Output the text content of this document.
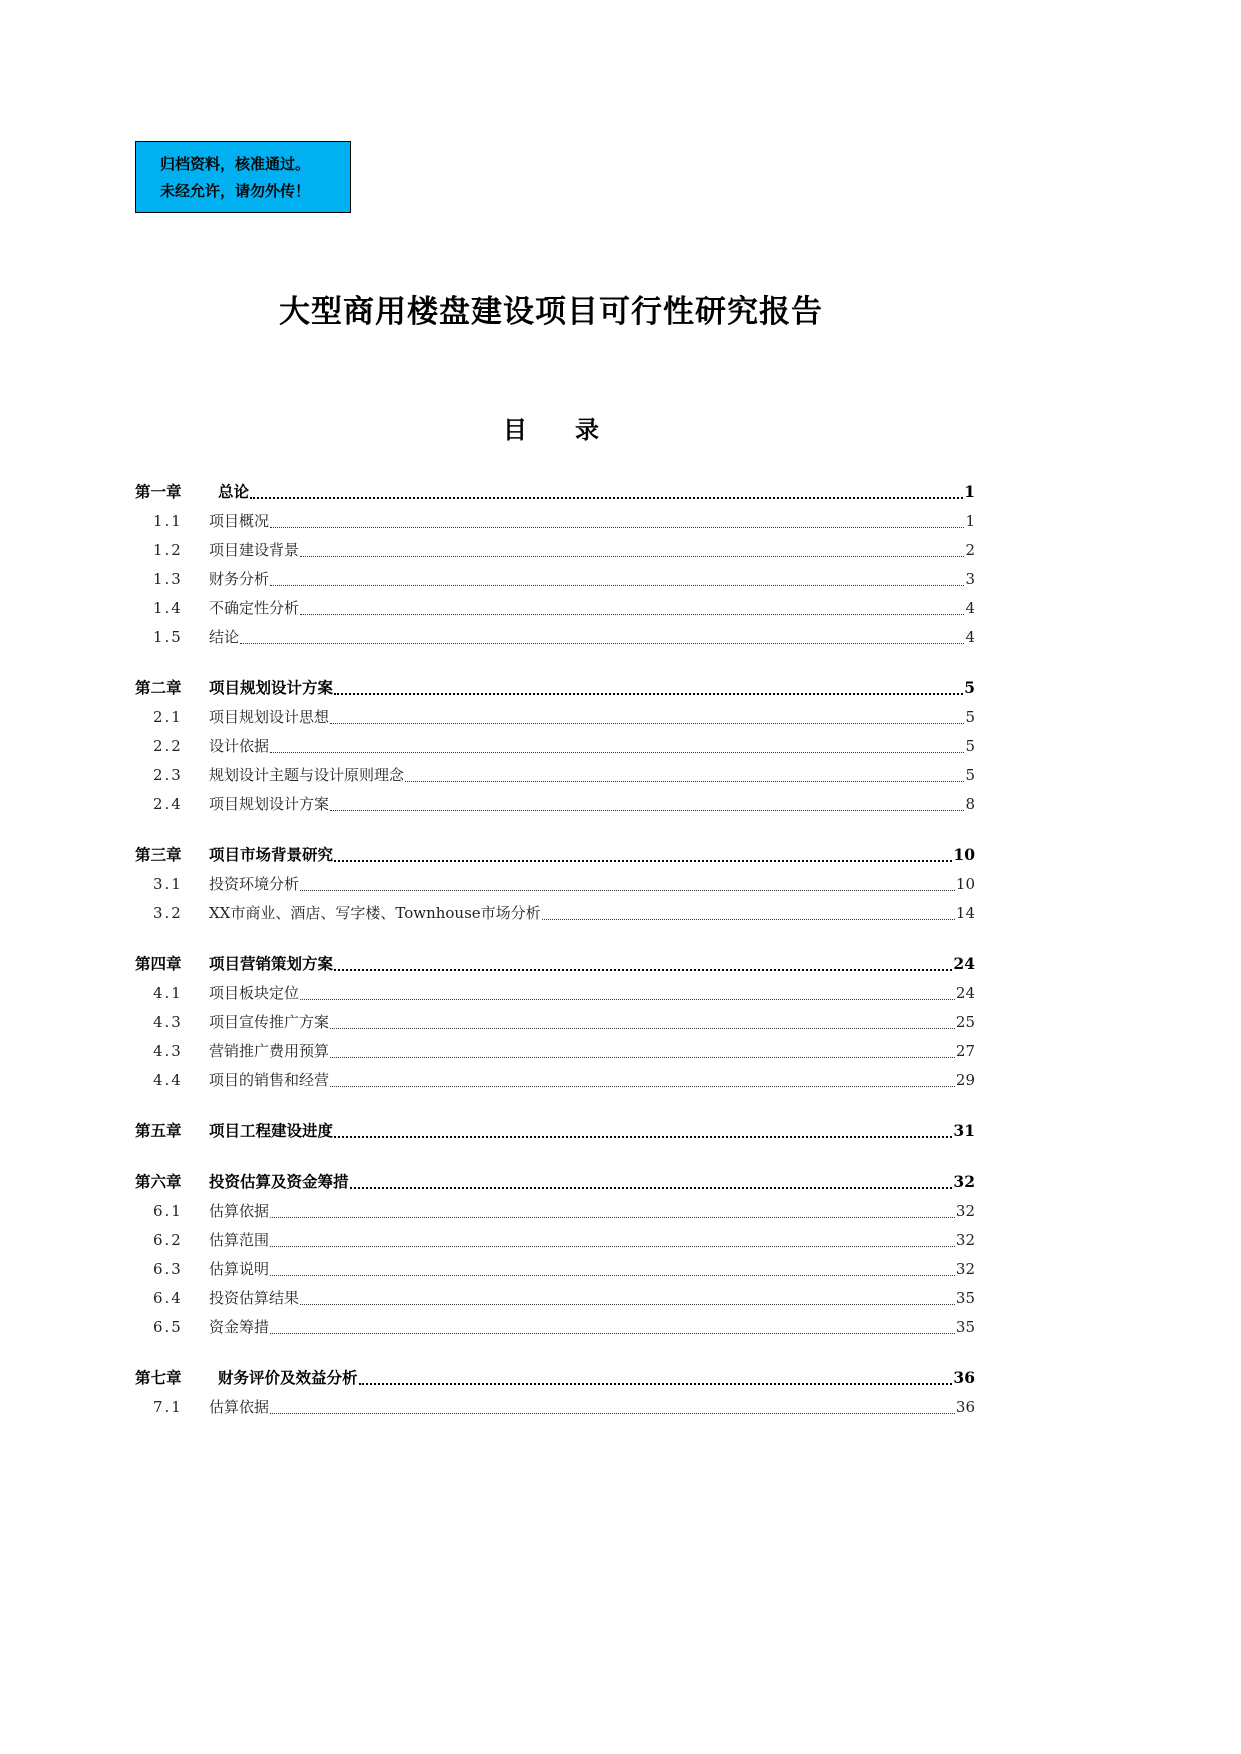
归档资料，核准通过。
未经允许，请勿外传！
大型商用楼盘建设项目可行性研究报告
目　　录
第一章	总论	1
1.1	项目概况	1
1.2	项目建设背景	2
1.3	财务分析	3
1.4	不确定性分析	4
1.5	结论	4
第二章	项目规划设计方案	5
2.1	项目规划设计思想	5
2.2	设计依据	5
2.3	规划设计主题与设计原则理念	5
2.4	项目规划设计方案	8
第三章	项目市场背景研究	10
3.1	投资环境分析	10
3.2	XX市商业、酒店、写字楼、Townhouse市场分析	14
第四章	项目营销策划方案	24
4.1	项目板块定位	24
4.3	项目宣传推广方案	25
4.3	营销推广费用预算	27
4.4	项目的销售和经营	29
第五章	项目工程建设进度	31
第六章	投资估算及资金筹措	32
6.1	估算依据	32
6.2	估算范围	32
6.3	估算说明	32
6.4	投资估算结果	35
6.5	资金筹措	35
第七章	财务评价及效益分析	36
7.1	估算依据	36
